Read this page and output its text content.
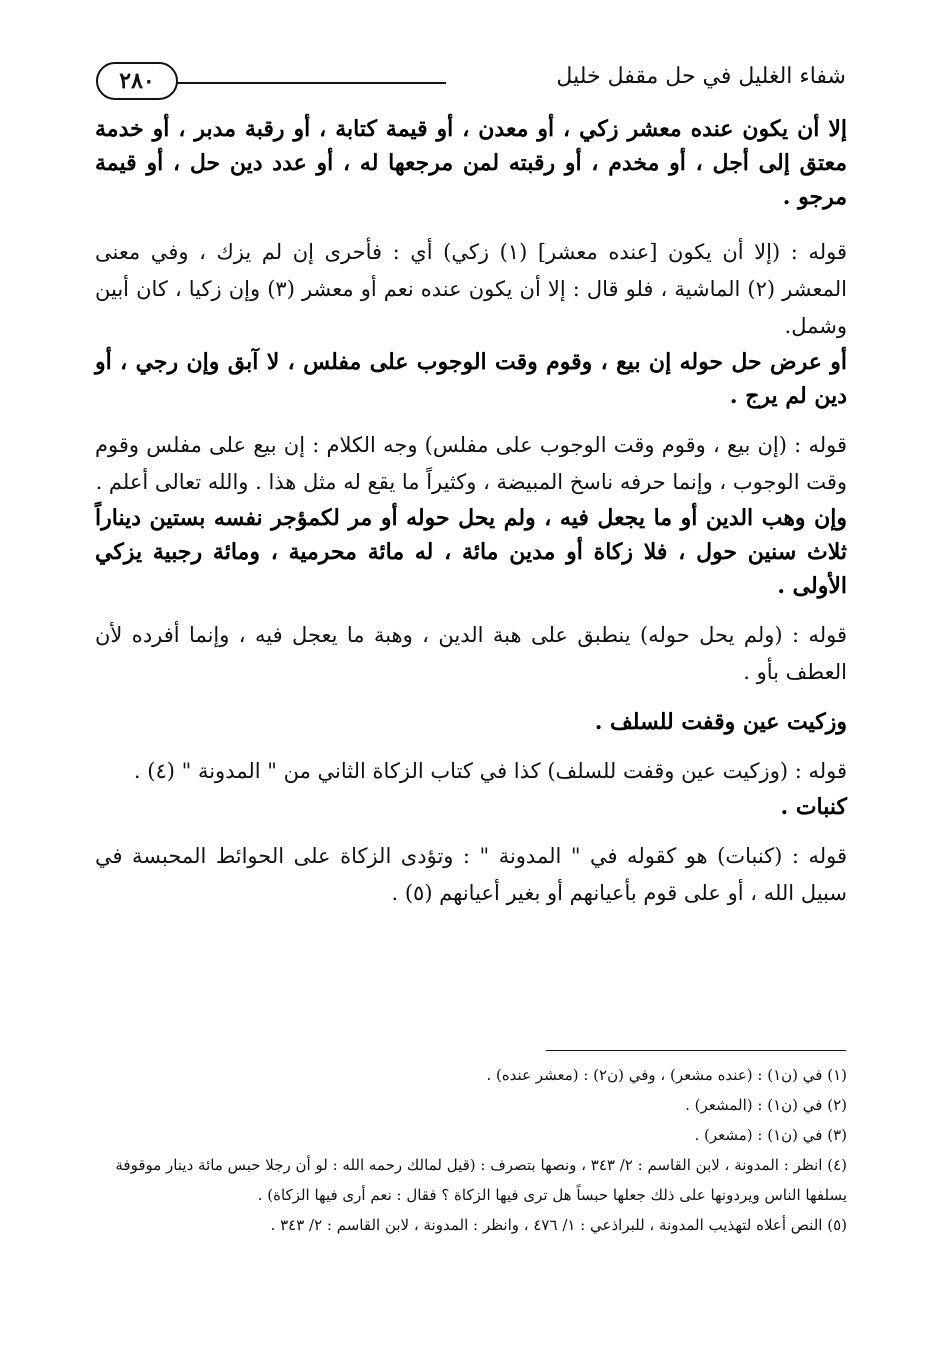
٢٨٠	شفاء الغليل في حل مقفل خليل

إلا أن يكون عنده معشر زكي ، أو معدن ، أو قيمة كتابة ، أو رقبة مدبر ، أو خدمة معتق إلى أجل ، أو مخدم ، أو رقبته لمن مرجعها له ، أو عدد دين حل ، أو قيمة مرجو .

قوله : (إلا أن يكون [عنده معشر] (١) زكي) أي : فأحرى إن لم يزك ، وفي معنى المعشر (٢) الماشية ، فلو قال : إلا أن يكون عنده نعم أو معشر (٣) وإن زكيا ، كان أبين وشمل.

أو عرض حل حوله إن بيع ، وقوم وقت الوجوب على مفلس ، لا آبق وإن رجي ، أو دين لم يرج .

قوله : (إن بيع ، وقوم وقت الوجوب على مفلس) وجه الكلام : إن بيع على مفلس وقوم وقت الوجوب ، وإنما حرفه ناسخ المبيضة ، وكثيراً ما يقع له مثل هذا . والله تعالى أعلم .

وإن وهب الدين أو ما يجعل فيه ، ولم يحل حوله أو مر لكمؤجر نفسه بستين ديناراً ثلاث سنين حول ، فلا زكاة أو مدين مائة ، له مائة محرمية ، ومائة رجبية يزكي الأولى .

قوله : (ولم يحل حوله) ينطبق على هبة الدين ، وهبة ما يعجل فيه ، وإنما أفرده لأن العطف بأو .

وزكيت عين وقفت للسلف .

قوله : (وزكيت عين وقفت للسلف) كذا في كتاب الزكاة الثاني من " المدونة " (٤) .

كنبات .

قوله : (كنبات) هو كقوله في " المدونة " : وتؤدى الزكاة على الحوائط المحبسة في سبيل الله ، أو على قوم بأعيانهم أو بغير أعيانهم (٥) .

(١) في (ن١) : (عنده مشعر) ، وفي (ن٢) : (معشر عنده) .

(٢) في (ن١) : (المشعر) .

(٣) في (ن١) : (مشعر) .

(٤) انظر : المدونة ، لابن القاسم : ٢/ ٣٤٣ ، ونصها بتصرف : (قيل لمالك رحمه الله : لو أن رجلا حبس مائة دينار موقوفة يسلفها الناس ويردونها على ذلك جعلها حبساً هل ترى فيها الزكاة ؟ فقال : نعم أرى فيها الزكاة) .

(٥) النص أعلاه لتهذيب المدونة ، للبراذعي : ١/ ٤٧٦ ، وانظر : المدونة ، لابن القاسم : ٢/ ٣٤٣ .
